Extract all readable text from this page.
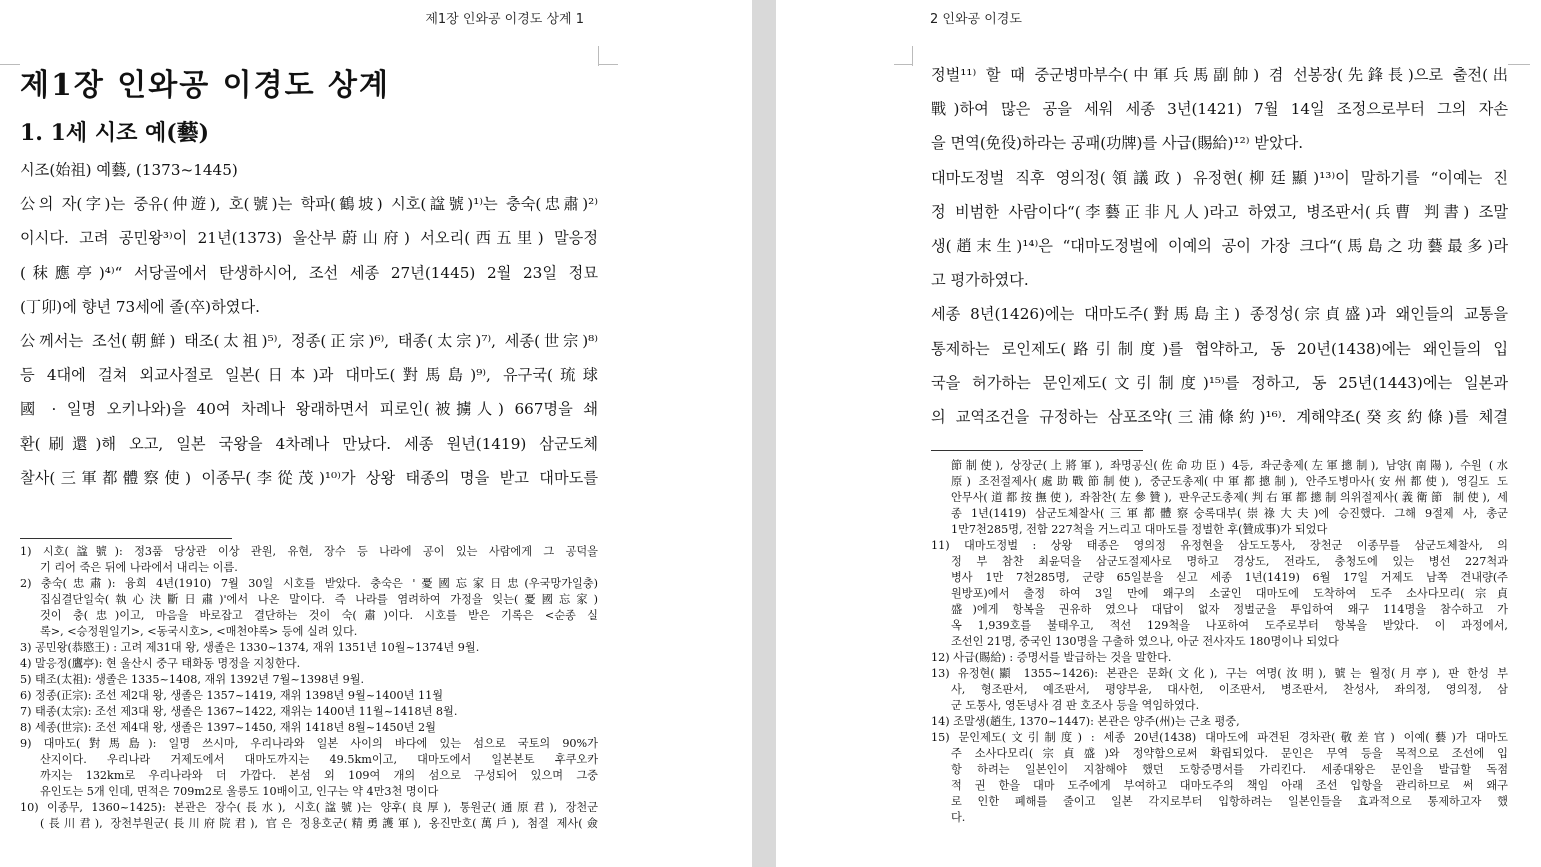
제1장 인와공 이경도 상계 1
제1장 인와공 이경도 상계
1. 1세 시조 예(藝)
시조(始祖) 예藝, (1373~1445)
公의 자(字)는 중유(仲遊), 호(號)는 학파(鶴坡) 시호(諡號)¹⁾는 충숙(忠肅)²⁾
이시다. 고려 공민왕³⁾이 21년(1373) 울산부蔚山府) 서오리(西五里) 말응정
(秣應亭)⁴⁾“ 서당골에서 탄생하시어, 조선 세종 27년(1445) 2월 23일 정묘
(丁卯)에 향년 73세에 졸(卒)하였다.
公께서는 조선(朝鮮) 태조(太祖)⁵⁾, 정종(正宗)⁶⁾, 태종(太宗)⁷⁾, 세종(世宗)⁸⁾
등 4대에 걸쳐 외교사절로 일본(日本)과 대마도(對馬島)⁹⁾, 유구국(琉球
國 · 일명 오키나와)을 40여 차례나 왕래하면서 피로인(被擄人) 667명을 쇄
환(刷還)해 오고, 일본 국왕을 4차례나 만났다. 세종 원년(1419) 삼군도체
찰사(三軍都體察使) 이종무(李從茂)¹⁰⁾가 상왕 태종의 명을 받고 대마도를
1) 시호(諡號): 정3품 당상관 이상 관원, 유현, 장수 등 나라에 공이 있는 사람에게 그 공덕을
기 리어 죽은 뒤에 나라에서 내리는 이름.
2) 충숙(忠肅): 융희 4년(1910) 7월 30일 시호를 받았다. 충숙은 '憂國忘家日忠(우국망가일충)
집심결단일숙(執心決斷日肅)'에서 나온 말이다. 즉 나라를 염려하여 가정을 잊는(憂國忘家)
것이 충(忠)이고, 마음을 바로잡고 결단하는 것이 숙(肅)이다. 시호를 받은 기록은 <순종 실
록>, <승정원일기>, <동국시호>, <매천야록> 등에 실려 있다.
3) 공민왕(恭愍王) : 고려 제31대 왕, 생졸은 1330~1374, 재위 1351년 10월~1374년 9월.
4) 말응정(鷹亭): 현 울산시 중구 태화동 명정을 지칭한다.
5) 태조(太祖): 생졸은 1335~1408, 재위 1392년 7월~1398년 9월.
6) 정종(正宗): 조선 제2대 왕, 생졸은 1357~1419, 재위 1398년 9월~1400년 11월
7) 태종(太宗): 조선 제3대 왕, 생졸은 1367~1422, 재위는 1400년 11월~1418년 8월.
8) 세종(世宗): 조선 제4대 왕, 생졸은 1397~1450, 재위 1418년 8월~1450년 2월
9) 대마도(對馬島): 일명 쓰시마, 우리나라와 일본 사이의 바다에 있는 섬으로 국토의 90%가
산지이다. 우리나라 거제도에서 대마도까지는 49.5km이고, 대마도에서 일본본토 후쿠오카
까지는 132km로 우리나라와 더 가깝다. 본섬 외 109여 개의 섬으로 구성되어 있으며 그중
유인도는 5개 인데, 면적은 709m2로 울릉도 10배이고, 인구는 약 4만3천 명이다
10) 이종무, 1360~1425): 본관은 장수(長水), 시호(諡號)는 양후(良厚), 통원군(通原君), 장천군
(長川君), 장천부원군(長川府院君), 官은 정용호군(精勇護軍), 옹진만호(萬戶), 첨절 제사(僉
2 인와공 이경도
정벌¹¹⁾ 할 때 중군병마부수(中軍兵馬副帥) 겸 선봉장(先鋒長)으로 출전(出
戰)하여 많은 공을 세워 세종 3년(1421) 7월 14일 조정으로부터 그의 자손
을 면역(免役)하라는 공패(功牌)를 사급(賜給)¹²⁾ 받았다.
대마도정벌 직후 영의정(領議政) 유정현(柳廷顯)¹³⁾이 말하기를 “이예는 진
정 비범한 사람이다“(李藝正非凡人)라고 하였고, 병조판서(兵曹 判書) 조말
생(趙末生)¹⁴⁾은 “대마도정벌에 이예의 공이 가장 크다“(馬島之功藝最多)라
고 평가하였다.
세종 8년(1426)에는 대마도주(對馬島主) 종정성(宗貞盛)과 왜인들의 교통을
통제하는 로인제도(路引制度)를 협약하고, 동 20년(1438)에는 왜인들의 입
국을 허가하는 문인제도(文引制度)¹⁵⁾를 정하고, 동 25년(1443)에는 일본과
의 교역조건을 규정하는 삼포조약(三浦條約)¹⁶⁾. 계해약조(癸亥約條)를 체결
節制使), 상장군(上將軍), 좌명공신(佐命功臣) 4등, 좌군총제(左軍摠制), 남양(南陽), 수원 (水
原) 조전절제사(處助戰節制使), 중군도총제(中軍都摠制), 안주도병마사(安州都使), 영길도 도
안무사(道都按撫使), 좌참찬(左參贊), 판우군도총제(判右軍都摠制의위절제사(義衛節 制使), 세
종 1년(1419) 삼군도체찰사(三軍都體察숭록대부(崇祿大夫)에 승진했다. 그해 9절제 사, 총군
1만7천285명, 전함 227척을 거느리고 대마도를 정벌한 후(贊成事)가 되었다
11) 대마도정벌 : 상왕 태종은 영의정 유정현을 삼도도통사, 장천군 이종무를 삼군도체찰사, 의
정 부 참찬 최윤덕을 삼군도절제사로 명하고 경상도, 전라도, 충청도에 있는 병선 227척과
병사 1만 7천285명, 군량 65일분을 싣고 세종 1년(1419) 6월 17일 거제도 남쪽 견내량(주
원방포)에서 출정 하여 3일 만에 왜구의 소굴인 대마도에 도착하여 도주 소사다모리(宗貞
盛)에게 항복을 권유하 였으나 대답이 없자 정벌군을 투입하여 왜구 114명을 참수하고 가
옥 1,939호를 불태우고, 적선 129척을 나포하여 도주로부터 항복을 받았다. 이 과정에서,
조선인 21명, 중국인 130명을 구출하 였으나, 아군 전사자도 180명이나 되었다
12) 사급(賜給) : 증명서를 발급하는 것을 말한다.
13) 유정현(顯 1355~1426): 본관은 문화(文化), 구는 여명(汝明), 號는 월정(月亭), 판 한성 부
사, 형조판서, 예조판서, 평양부윤, 대사헌, 이조판서, 병조판서, 찬성사, 좌의정, 영의정, 삼
군 도통사, 영돈녕사 겸 판 호조사 등을 역임하였다.
14) 조말생(趙生, 1370~1447): 본관은 양주(州)는 근초 평중,
15) 문인제도(文引制度) : 세종 20년(1438) 대마도에 파견된 경차관(敬差官) 이예(藝)가 대마도
주 소사다모리(宗貞盛)와 정약함으로써 확립되었다. 문인은 무역 등을 목적으로 조선에 입
항 하려는 일본인이 지참해야 했던 도항증명서를 가리킨다. 세종대왕은 문인을 발급할 독점
적 권 한을 대마 도주에게 부여하고 대마도주의 책임 아래 조선 입항을 관리하므로 써 왜구
로 인한 폐해를 줄이고 일본 각지로부터 입항하려는 일본인들을 효과적으로 통제하고자 했
다.
